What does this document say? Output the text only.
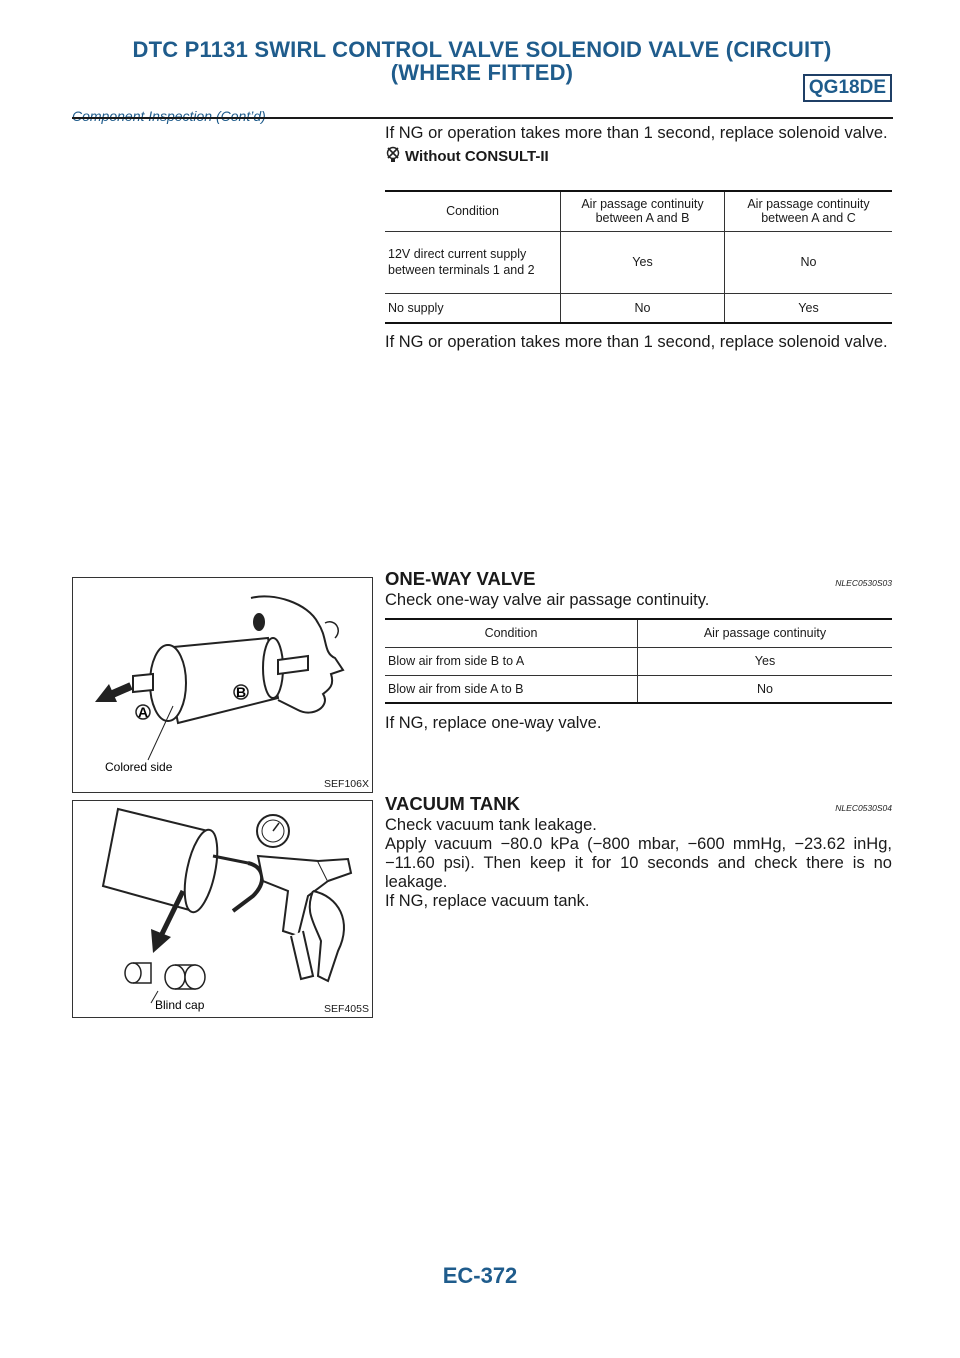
DTC P1131 SWIRL CONTROL VALVE SOLENOID VALVE (CIRCUIT)
(WHERE FITTED)
QG18DE
Component Inspection (Cont’d)

If NG or operation takes more than 1 second, replace solenoid valve.

Without CONSULT-II
Condition	Air passage continuity between A and B	Air passage continuity between A and C
12V direct current supply between terminals 1 and 2	Yes	No
No supply	No	Yes

If NG or operation takes more than 1 second, replace solenoid valve.

A
B
Colored side
SEF106X
ONE-WAY VALVE	NLEC0530S03

Check one-way valve air passage continuity.

Condition	Air passage continuity
Blow air from side B to A	Yes
Blow air from side A to B	No

If NG, replace one-way valve.

Blind cap	SEF405S
VACUUM TANK	NLEC0530S04

Check vacuum tank leakage.

Apply vacuum −80.0 kPa (−800 mbar, −600 mmHg, −23.62 inHg, −11.60 psi). Then keep it for 10 seconds and check there is no leakage.

If NG, replace vacuum tank.

EC-372
